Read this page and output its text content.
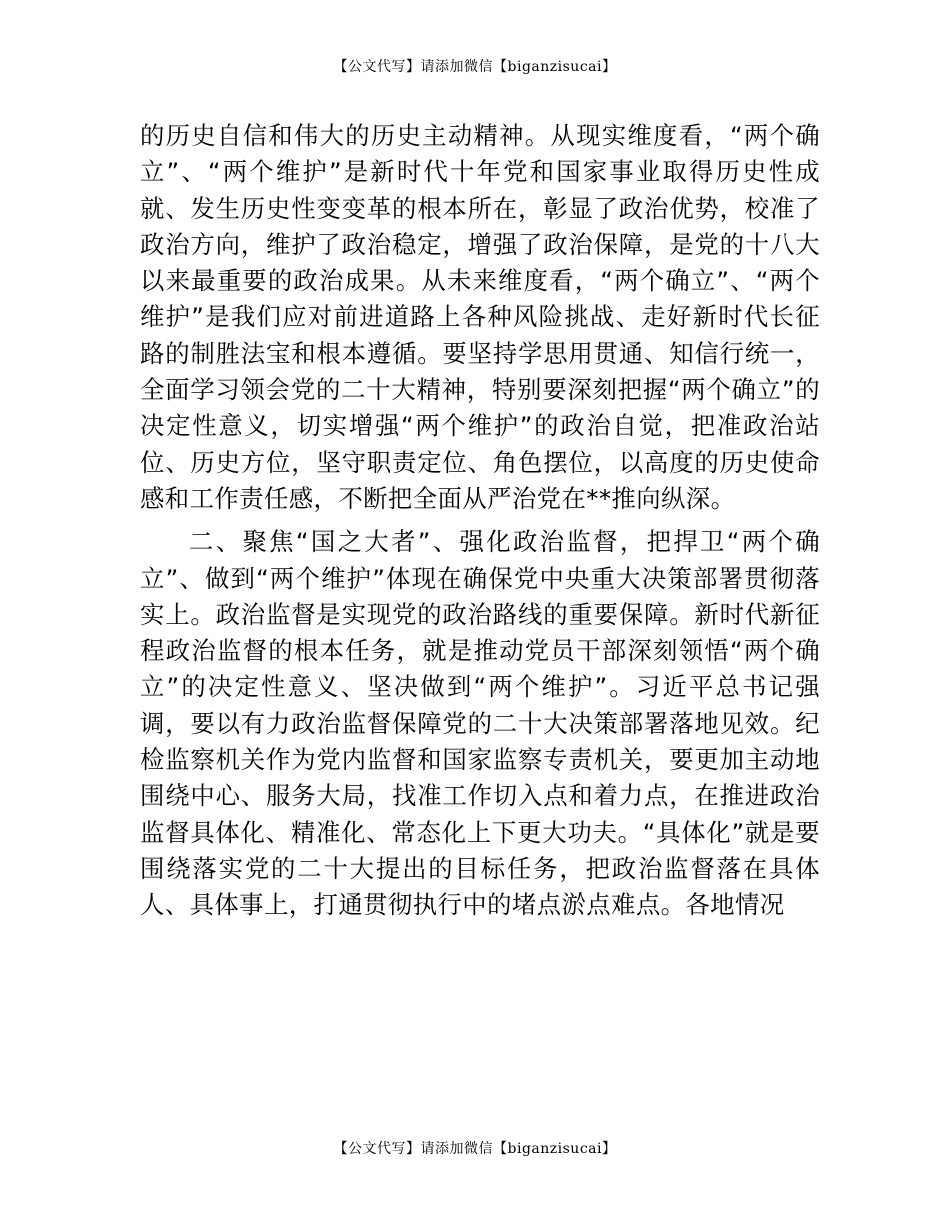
【公文代写】请添加微信【biganzisucai】

的历史自信和伟大的历史主动精神。从现实维度看，“两个确立”、“两个维护”是新时代十年党和国家事业取得历史性成就、发生历史性变变革的根本所在，彰显了政治优势，校准了政治方向，维护了政治稳定，增强了政治保障，是党的十八大以来最重要的政治成果。从未来维度看，“两个确立”、“两个维护”是我们应对前进道路上各种风险挑战、走好新时代长征路的制胜法宝和根本遵循。要坚持学思用贯通、知信行统一，全面学习领会党的二十大精神，特别要深刻把握“两个确立”的决定性意义，切实增强“两个维护”的政治自觉，把准政治站位、历史方位，坚守职责定位、角色摆位，以高度的历史使命感和工作责任感，不断把全面从严治党在**推向纵深。

二、聚焦“国之大者”、强化政治监督，把捍卫“两个确立”、做到“两个维护”体现在确保党中央重大决策部署贯彻落实上。政治监督是实现党的政治路线的重要保障。新时代新征程政治监督的根本任务，就是推动党员干部深刻领悟“两个确立”的决定性意义、坚决做到“两个维护”。习近平总书记强调，要以有力政治监督保障党的二十大决策部署落地见效。纪检监察机关作为党内监督和国家监察专责机关，要更加主动地围绕中心、服务大局，找准工作切入点和着力点，在推进政治监督具体化、精准化、常态化上下更大功夫。“具体化”就是要围绕落实党的二十大提出的目标任务，把政治监督落在具体人、具体事上，打通贯彻执行中的堵点淤点难点。各地情况

【公文代写】请添加微信【biganzisucai】
